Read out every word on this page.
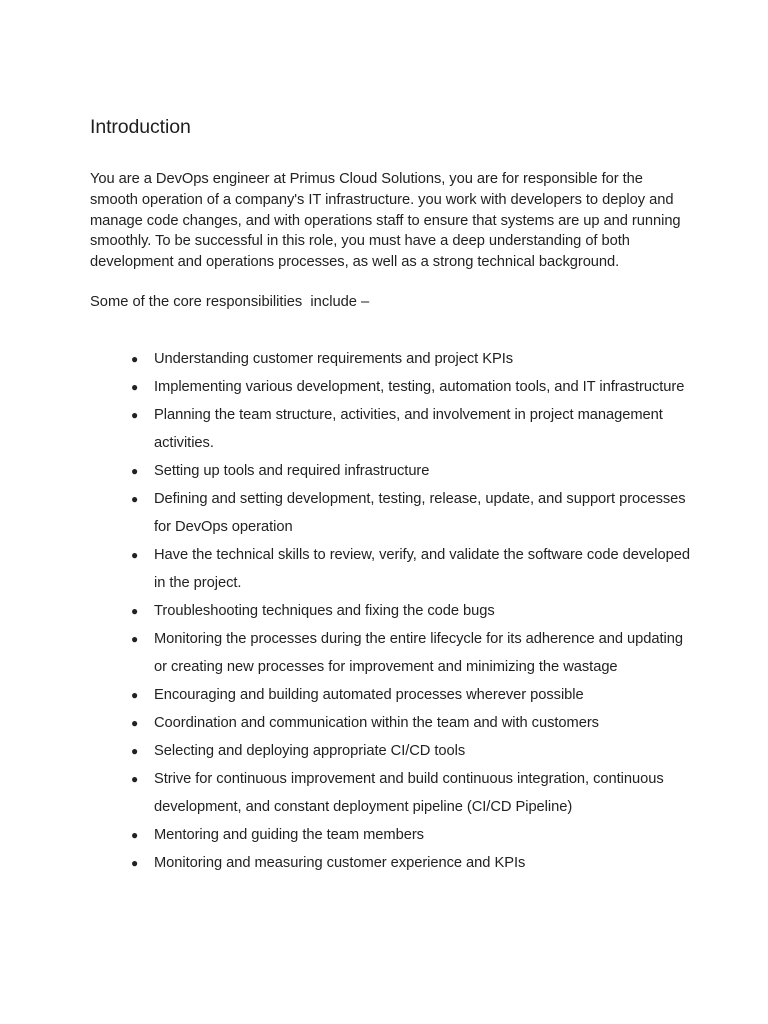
Introduction

You are a DevOps engineer at Primus Cloud Solutions, you are for responsible for the smooth operation of a company's IT infrastructure. you work with developers to deploy and manage code changes, and with operations staff to ensure that systems are up and running smoothly. To be successful in this role, you must have a deep understanding of both development and operations processes, as well as a strong technical background.

Some of the core responsibilities  include –

● Understanding customer requirements and project KPIs
● Implementing various development, testing, automation tools, and IT infrastructure
● Planning the team structure, activities, and involvement in project management activities.
● Setting up tools and required infrastructure
● Defining and setting development, testing, release, update, and support processes for DevOps operation
● Have the technical skills to review, verify, and validate the software code developed in the project.
● Troubleshooting techniques and fixing the code bugs
● Monitoring the processes during the entire lifecycle for its adherence and updating or creating new processes for improvement and minimizing the wastage
● Encouraging and building automated processes wherever possible
● Coordination and communication within the team and with customers
● Selecting and deploying appropriate CI/CD tools
● Strive for continuous improvement and build continuous integration, continuous development, and constant deployment pipeline (CI/CD Pipeline)
● Mentoring and guiding the team members
● Monitoring and measuring customer experience and KPIs
